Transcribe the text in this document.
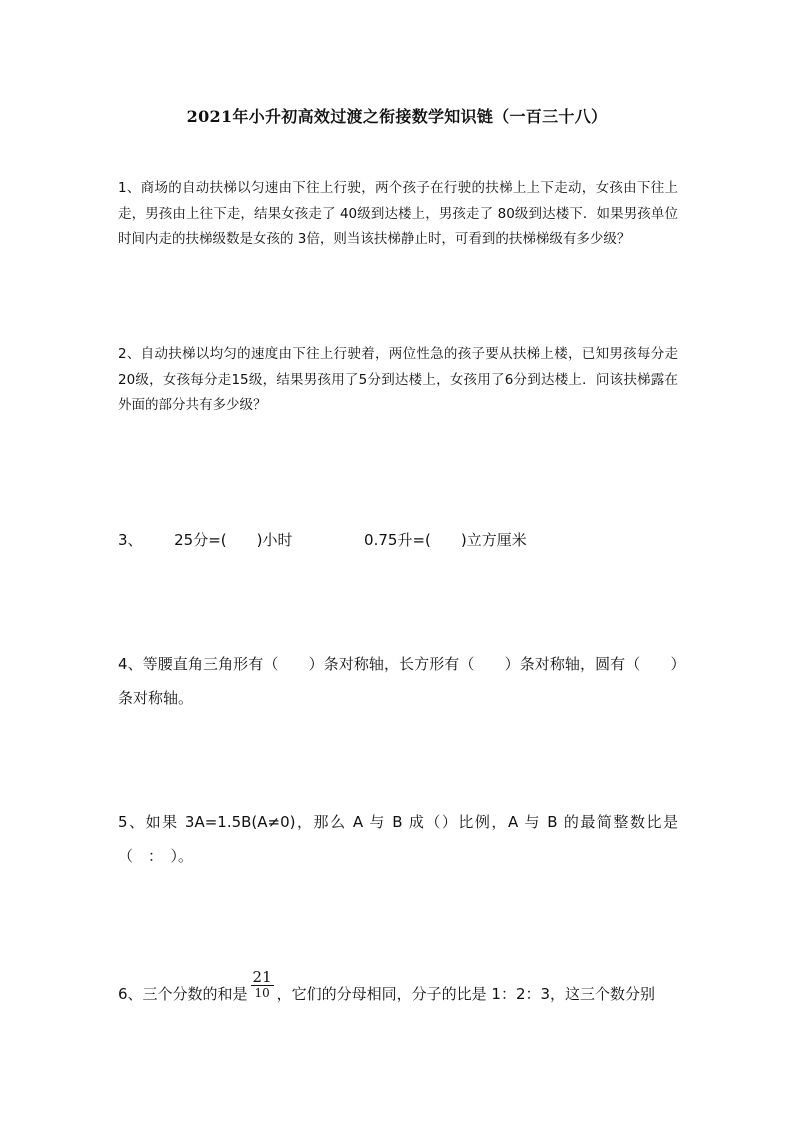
2021年小升初高效过渡之衔接数学知识链（一百三十八）

1、商场的自动扶梯以匀速由下往上行驶，两个孩子在行驶的扶梯上上下走动，女孩由下往上走，男孩由上往下走，结果女孩走了 40级到达楼上，男孩走了 80级到达楼下．如果男孩单位时间内走的扶梯级数是女孩的 3倍，则当该扶梯静止时，可看到的扶梯梯级有多少级？

2、自动扶梯以均匀的速度由下往上行驶着，两位性急的孩子要从扶梯上楼，已知男孩每分走 20级，女孩每分走15级，结果男孩用了5分到达楼上，女孩用了6分到达楼上．问该扶梯露在外面的部分共有多少级？

3、 25分=(　　)小时	0.75升=(　　)立方厘米

4、等腰直角三角形有（　　）条对称轴，长方形有（　　）条对称轴，圆有（　　）条对称轴。

5、如果 3A=1.5B(A≠0)，那么 A 与 B 成（）比例，A 与 B 的最简整数比是（　：　）。

6、三个分数的和是 $\frac{21}{10}$ ，它们的分母相同，分子的比是 1：2：3，这三个数分别
